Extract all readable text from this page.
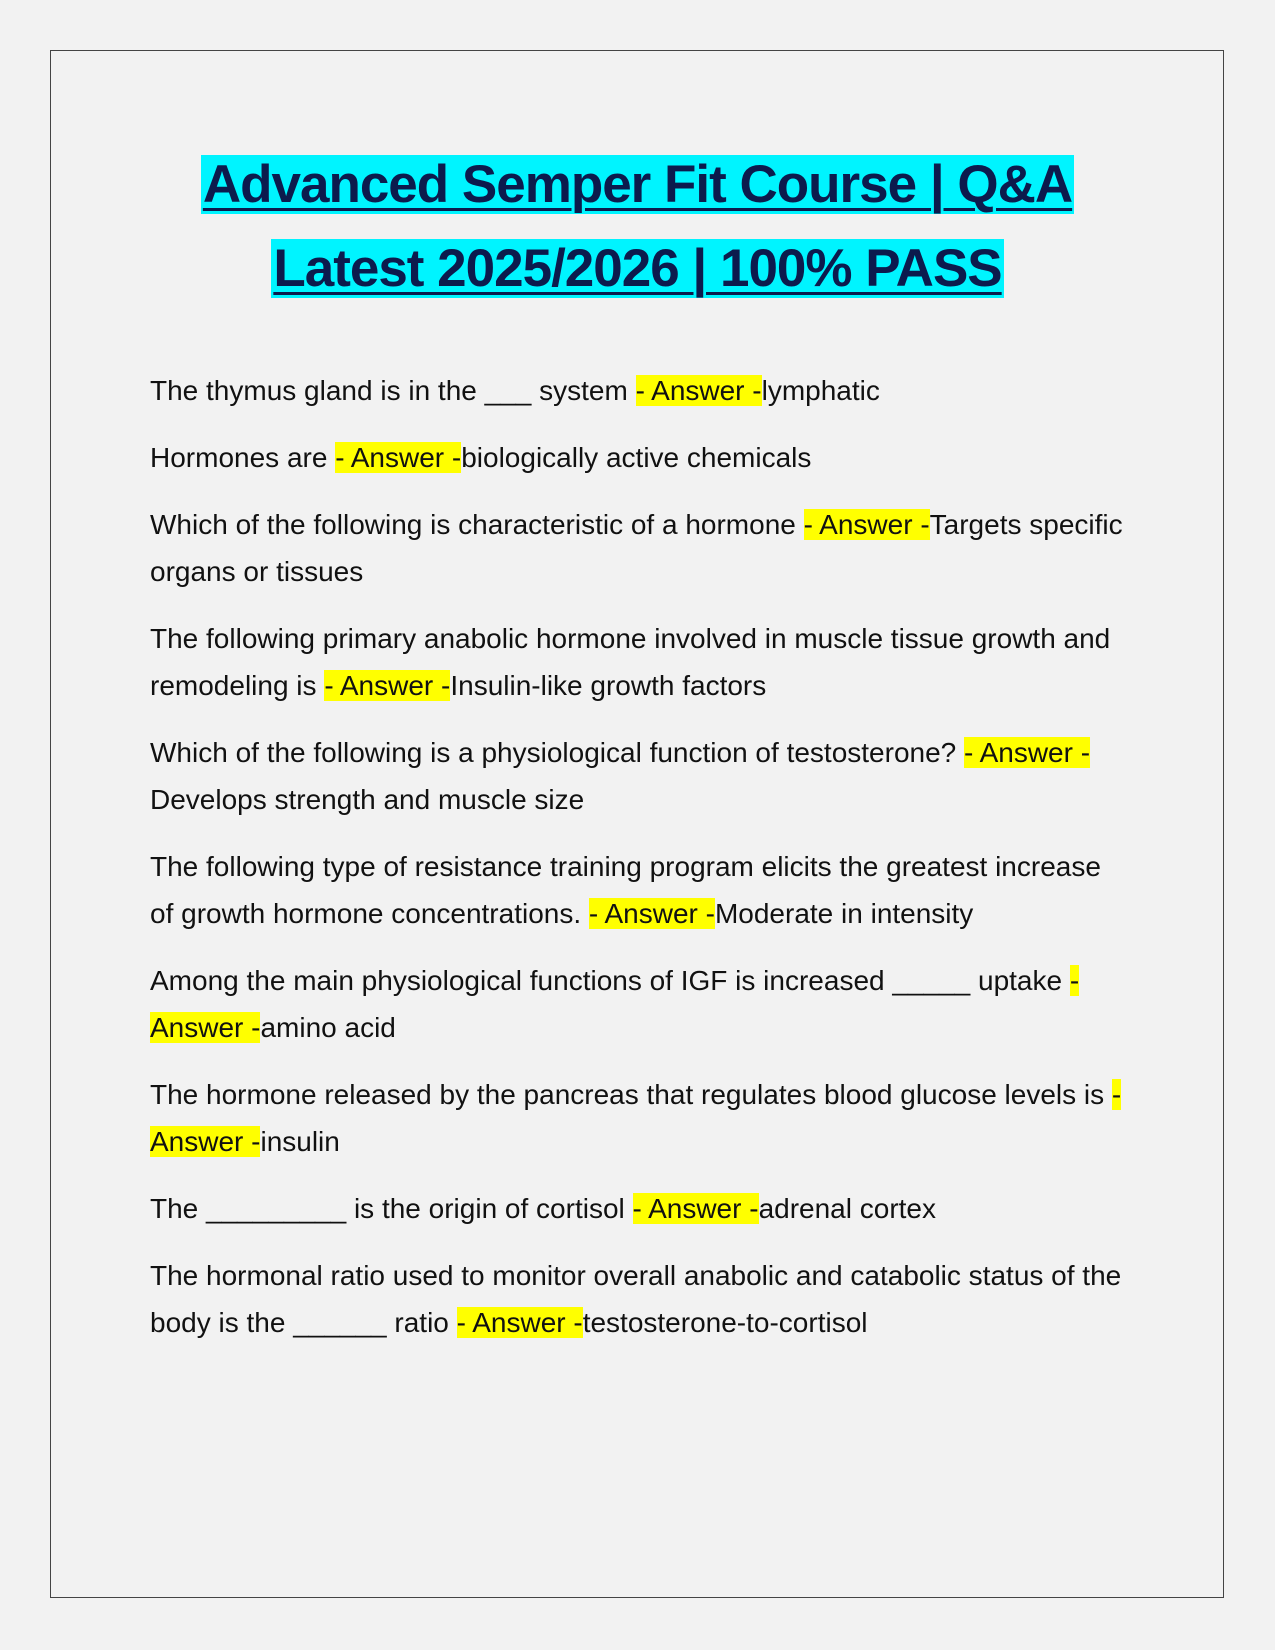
Advanced Semper Fit Course | Q&A
Latest 2025/2026 | 100% PASS
The thymus gland is in the ___ system - Answer -lymphatic
Hormones are - Answer -biologically active chemicals
Which of the following is characteristic of a hormone - Answer -Targets specific organs or tissues
The following primary anabolic hormone involved in muscle tissue growth and remodeling is - Answer -Insulin-like growth factors
Which of the following is a physiological function of testosterone? - Answer -Develops strength and muscle size
The following type of resistance training program elicits the greatest increase of growth hormone concentrations. - Answer -Moderate in intensity
Among the main physiological functions of IGF is increased _____ uptake - Answer -amino acid
The hormone released by the pancreas that regulates blood glucose levels is - Answer -insulin
The _________ is the origin of cortisol - Answer -adrenal cortex
The hormonal ratio used to monitor overall anabolic and catabolic status of the body is the ______ ratio - Answer -testosterone-to-cortisol
